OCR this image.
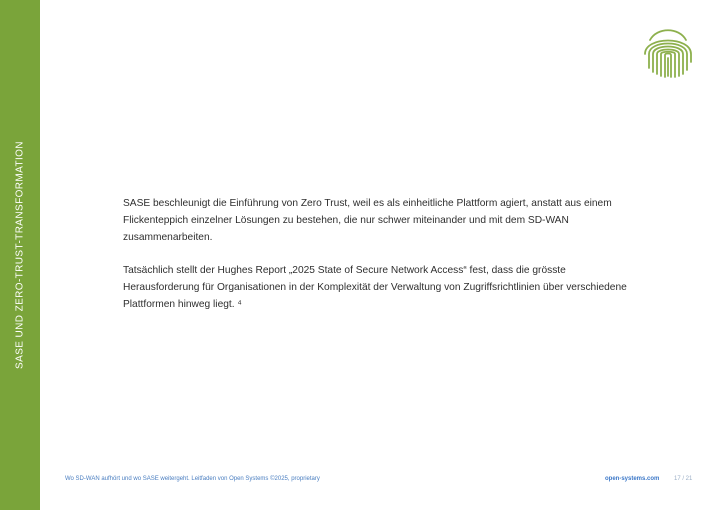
SASE UND ZERO-TRUST-TRANSFORMATION	SASE beschleunigt die Einführung von Zero Trust, weil es als einheitliche Plattform agiert, anstatt aus einem Flickenteppich einzelner Lösungen zu bestehen, die nur schwer miteinander und mit dem SD-WAN zusammenarbeiten.

Tatsächlich stellt der Hughes Report „2025 State of Secure Network Access“ fest, dass die grösste Herausforderung für Organisationen in der Komplexität der Verwaltung von Zugriffsrichtlinien über verschiedene Plattformen hinweg liegt. ⁴

Wo SD-WAN aufhört und wo SASE weitergeht. Leitfaden von Open Systems ©2025, proprietary	open-systems.com 17 / 21
